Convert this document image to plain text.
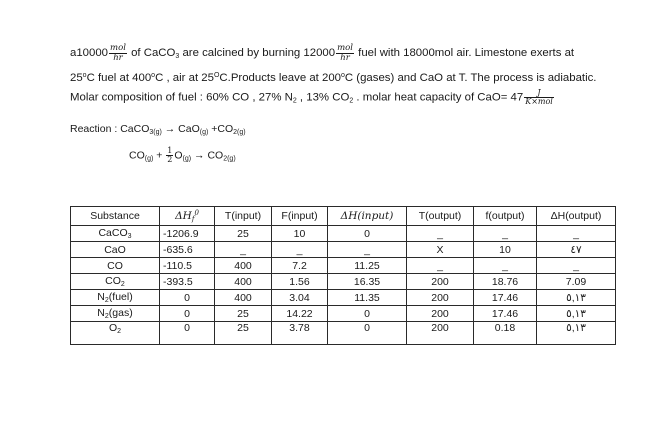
$a10000 \frac{\text{mol}}{hr}$ of CaCO$_3$ are calcined by burning $12000 \frac{\text{mol}}{hr}$ fuel with 18000mol air. Limestone exerts at
25$^o$C fuel at 400$^o$C , air at $25^OC.Products$ leave at 200$^o$C (gases) and CaO at T. The process is adiabatic.
Molar composition of fuel : 60% CO , 27% $N_2$ , 13% $CO_2$ . molar heat capacity of $CaO= 47 \frac{J}{\text{K×mol}}$
Reaction : CaCO$_{3(g)}$ → $CaO_{(g)} +CO_{2(g)}$
$CO_{(g)} + \frac{1}{2} O_{(g)} \to CO_{2(g)}$
Substance	$\Delta H_f^0$	T(input)	F(input)	ΔH(input)	T(output)	f(output)	ΔH(output)
CaCO$_3$	-1206.9	25	10	0	_	_	_
CaO	-635.6	_	_	_	X	10	٤٧
CO	-110.5	400	7.2	11.25	_	_	_
$CO_2$	-393.5	400	1.56	16.35	200	18.76	7.09
$N_2(fuel)$	0	400	3.04	11.35	200	17.46	٥,١٣
$N_2(gas)$	0	25	14.22	0	200	17.46	٥,١٣
$O_2$	0	25	3.78	0	200	0.18	٥,١٣
